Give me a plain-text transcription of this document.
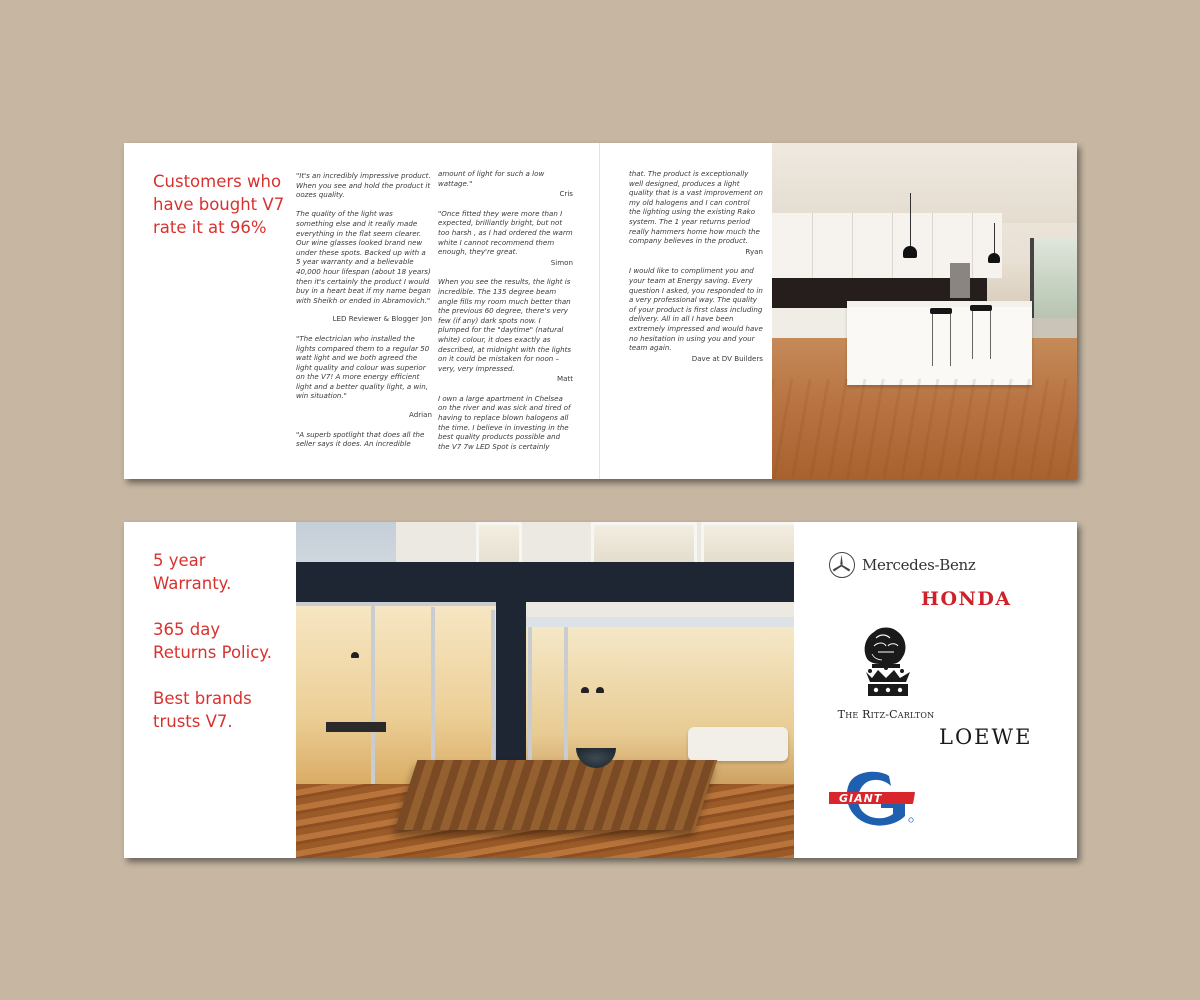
Customers who have bought V7 rate it at 96%

"It's an incredibly impressive product. When you see and hold the product it oozes quality.

The quality of the light was something else and it really made everything in the flat seem clearer. Our wine glasses looked brand new under these spots. Backed up with a 5 year warranty and a believable 40,000 hour lifespan (about 18 years) then it's certainly the product I would buy in a heart beat if my name began with Sheikh or ended in Abramovich."

LED Reviewer & Blogger Jon

"The electrician who installed the lights compared them to a regular 50 watt light and we both agreed the light quality and colour was superior on the V7! A more energy efficient light and a better quality light, a win, win situation."

Adrian

"A superb spotlight that does all the seller says it does. An incredible

amount of light for such a low wattage."

Cris

"Once fitted they were more than I expected, brilliantly bright, but not too harsh , as I had ordered the warm white I cannot recommend them enough, they're great.

Simon

When you see the results, the light is incredible. The 135 degree beam angle fills my room much better than the previous 60 degree, there's very few (if any) dark spots now. I plumped for the "daytime" (natural white) colour, it does exactly as described, at midnight with the lights on it could be mistaken for noon – very, very impressed.

Matt

I own a large apartment in Chelsea on the river and was sick and tired of having to replace blown halogens all the time. I believe in investing in the best quality products possible and the V7 7w LED Spot is certainly

that. The product is exceptionally well designed, produces a light quality that is a vast improvement on my old halogens and I can control the lighting using the existing Rako system. The 1 year returns period really hammers home how much the company believes in the product.

Ryan

I would like to compliment you and your team at Energy saving. Every question I asked, you responded to in a very professional way. The quality of your product is first class including delivery. All in all I have been extremely impressed and would have no hesitation in using you and your team again.

Dave at DV Builders
5 year
Warranty.
365 day
Returns Policy.
Best brands
trusts V7.
Mercedes-Benz
HONDA
The Ritz-Carlton
LOEWE
GIANT
